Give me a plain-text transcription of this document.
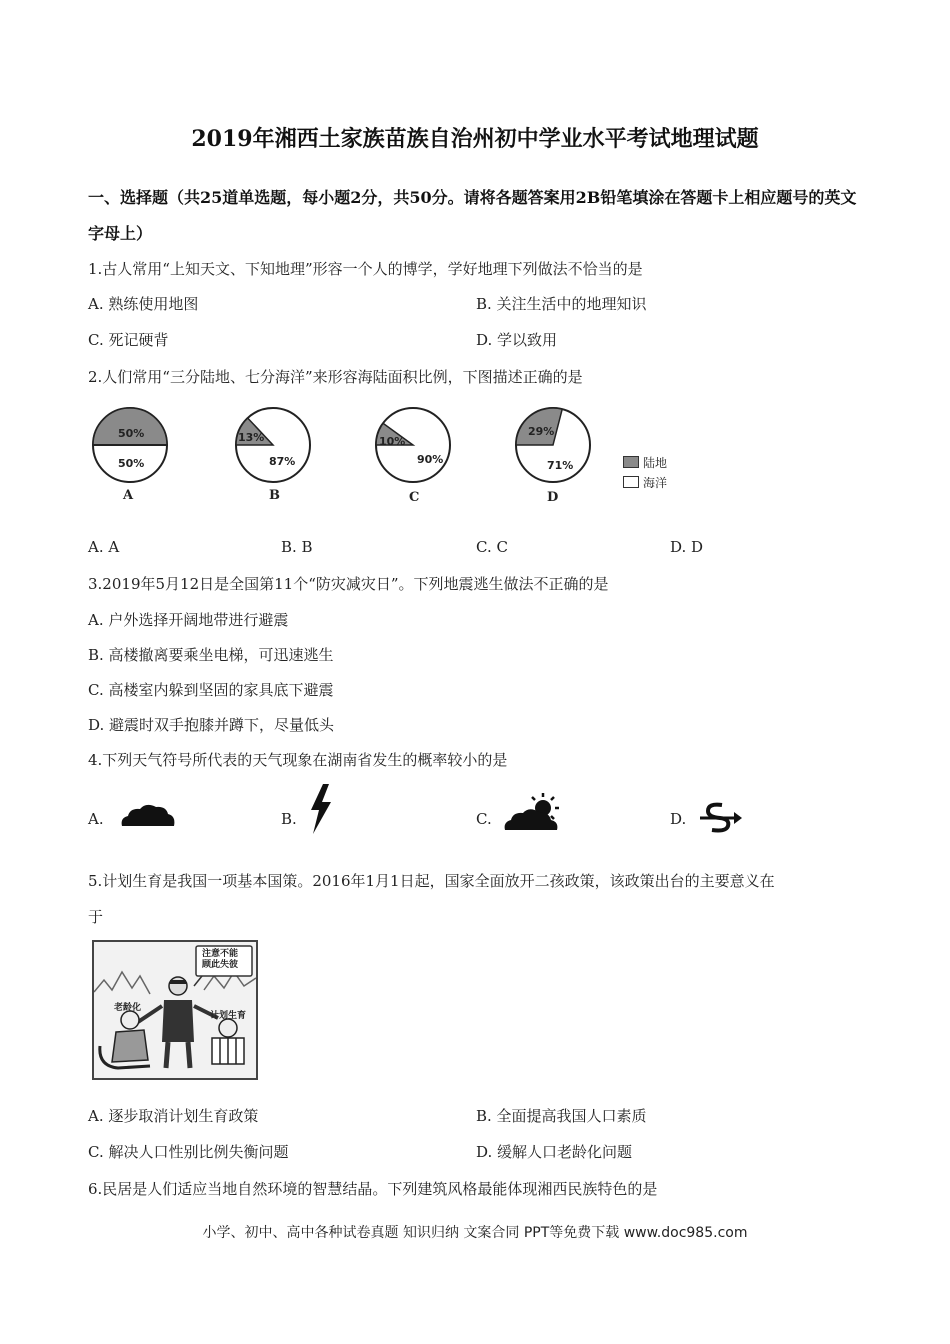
2019年湘西土家族苗族自治州初中学业水平考试地理试题
一、选择题（共25道单选题，每小题2分，共50分。请将各题答案用2B铅笔填涂在答题卡上相应题号的英文字母上）
1.古人常用“上知天文、下知地理”形容一个人的博学，学好地理下列做法不恰当的是
A. 熟练使用地图	B. 关注生活中的地理知识
C. 死记硬背	D. 学以致用
2.人们常用“三分陆地、七分海洋”来形容海陆面积比例，下图描述正确的是
50%
50%
A
13%
87%
B
10%
90%
C
29%
71%
D
陆地
海洋
A. A	B. B	C. C	D. D
3.2019年5月12日是全国第11个“防灾减灾日”。下列地震逃生做法不正确的是
A. 户外选择开阔地带进行避震
B. 高楼撤离要乘坐电梯，可迅速逃生
C. 高楼室内躲到坚固的家具底下避震
D. 避震时双手抱膝并蹲下，尽量低头
4.下列天气符号所代表的天气现象在湖南省发生的概率较小的是
A.	B.	C.	D.
5.计划生育是我国一项基本国策。2016年1月1日起，国家全面放开二孩政策，该政策出台的主要意义在
于
注意不能
顾此失彼
老龄化
计划生育
A. 逐步取消计划生育政策	B. 全面提高我国人口素质
C. 解决人口性别比例失衡问题	D. 缓解人口老龄化问题
6.民居是人们适应当地自然环境的智慧结晶。下列建筑风格最能体现湘西民族特色的是
小学、初中、高中各种试卷真题 知识归纳 文案合同 PPT等免费下载 www.doc985.com
